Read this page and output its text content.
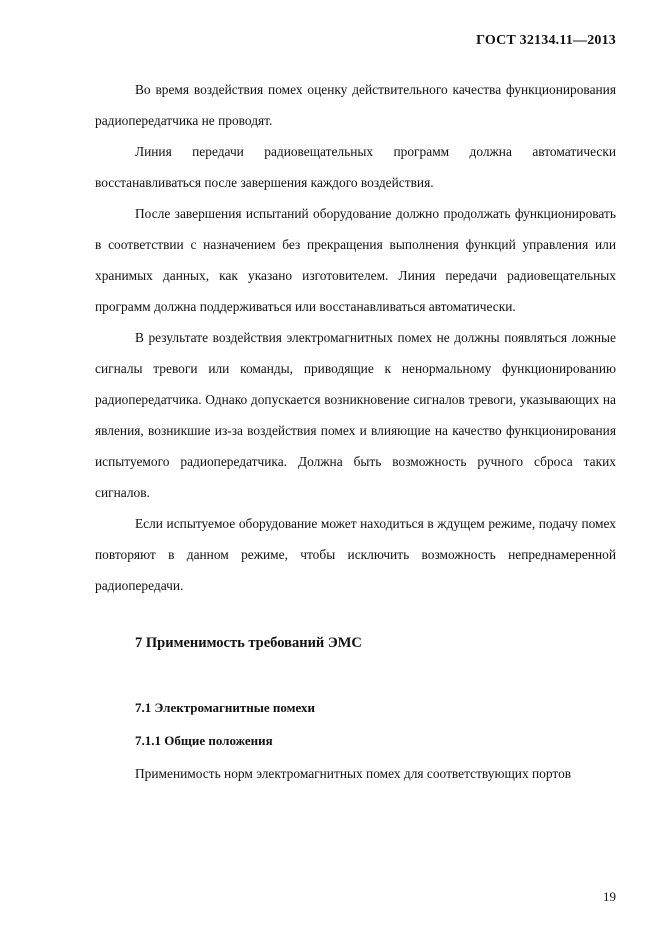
ГОСТ 32134.11—2013

Во время воздействия помех оценку действительного качества функционирования радиопередатчика не проводят.

Линия передачи радиовещательных программ должна автоматически восстанавливаться после завершения каждого воздействия.

После завершения испытаний оборудование должно продолжать функционировать в соответствии с назначением без прекращения выполнения функций управления или хранимых данных, как указано изготовителем. Линия передачи радиовещательных программ должна поддерживаться или восстанавливаться автоматически.

В результате воздействия электромагнитных помех не должны появляться ложные сигналы тревоги или команды, приводящие к ненормальному функционированию радиопередатчика. Однако допускается возникновение сигналов тревоги, указывающих на явления, возникшие из-за воздействия помех и влияющие на качество функционирования испытуемого радиопередатчика. Должна быть возможность ручного сброса таких сигналов.

Если испытуемое оборудование может находиться в ждущем режиме, подачу помех повторяют в данном режиме, чтобы исключить возможность непреднамеренной радиопередачи.

7 Применимость требований ЭМС
7.1 Электромагнитные помехи
7.1.1 Общие положения
Применимость норм электромагнитных помех для соответствующих портов
19
